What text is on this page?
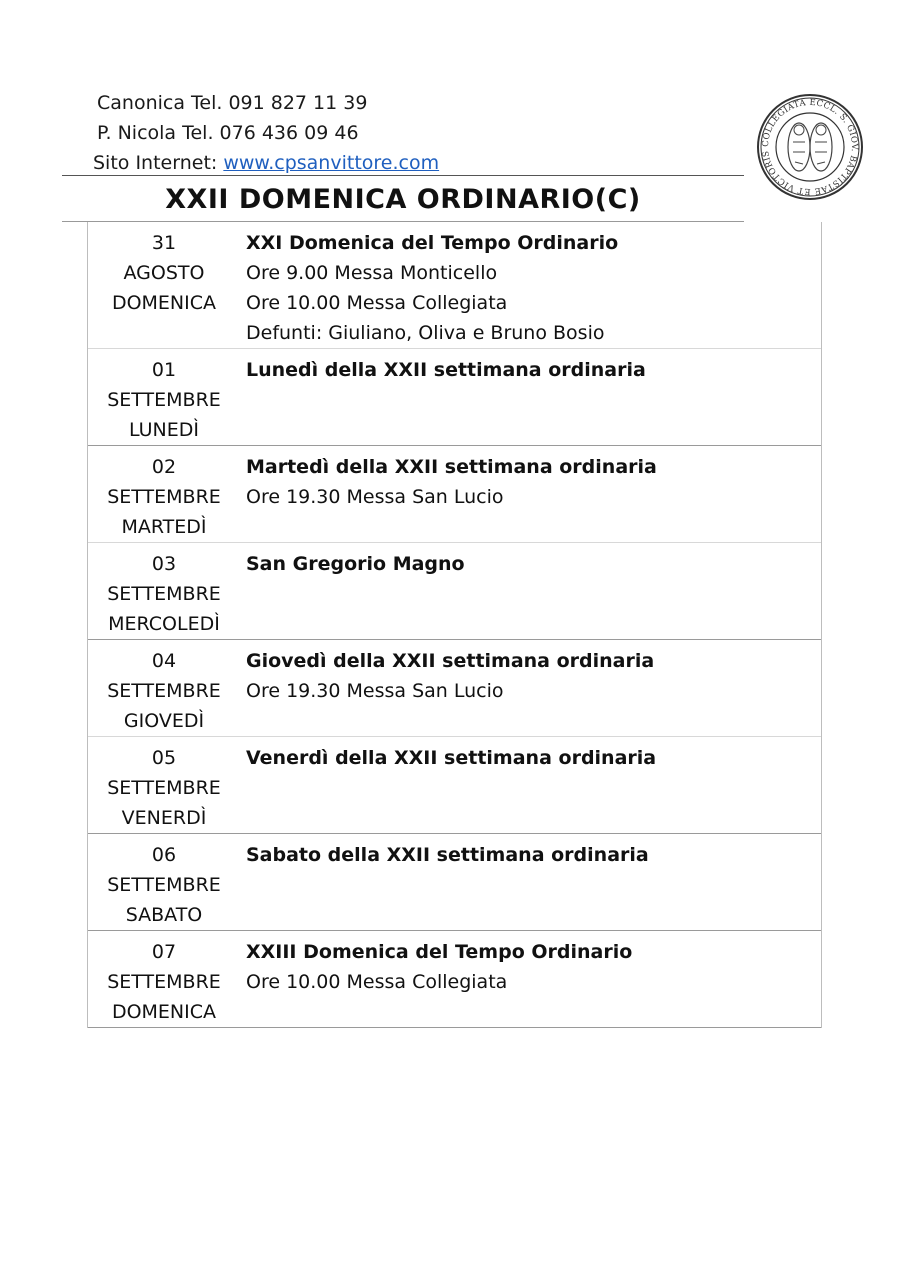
Canonica Tel. 091 827 11 39
P. Nicola Tel. 076 436 09 46
Sito Internet: www.cpsanvittore.com
XXII DOMENICA ORDINARIO(C)
COLLEGIATA ECCL. S. GIOV. BAPTISTAE ET VICTORIS
31
AGOSTO
DOMENICA
XXI Domenica del Tempo Ordinario
Ore 9.00 Messa Monticello
Ore 10.00 Messa Collegiata
Defunti: Giuliano, Oliva e Bruno Bosio
01
SETTEMBRE
LUNEDÌ
Lunedì della XXII settimana ordinaria
02
SETTEMBRE
MARTEDÌ
Martedì della XXII settimana ordinaria
Ore 19.30 Messa San Lucio
03
SETTEMBRE
MERCOLEDÌ
San Gregorio Magno
04
SETTEMBRE
GIOVEDÌ
Giovedì della XXII settimana ordinaria
Ore 19.30 Messa San Lucio
05
SETTEMBRE
VENERDÌ
Venerdì della XXII settimana ordinaria
06
SETTEMBRE
SABATO
Sabato della XXII settimana ordinaria
07
SETTEMBRE
DOMENICA
XXIII Domenica del Tempo Ordinario
Ore 10.00 Messa Collegiata
